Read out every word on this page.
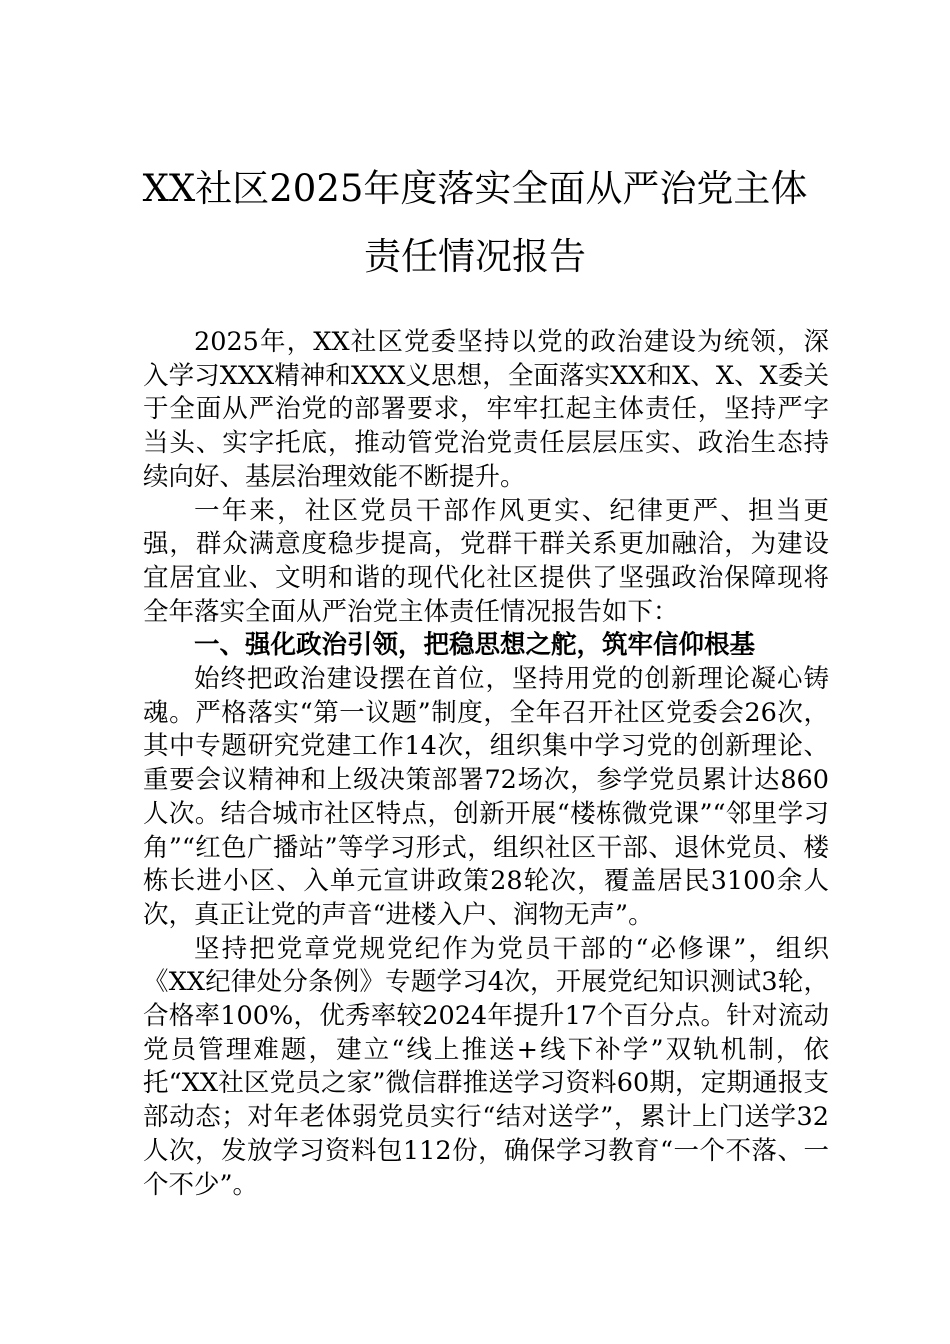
XX社区2025年度落实全面从严治党主体
责任情况报告

2025年，XX社区党委坚持以党的政治建设为统领，深入学习XXX精神和XXX义思想，全面落实XX和X、X、X委关于全面从严治党的部署要求，牢牢扛起主体责任，坚持严字当头、实字托底，推动管党治党责任层层压实、政治生态持续向好、基层治理效能不断提升。

一年来，社区党员干部作风更实、纪律更严、担当更强，群众满意度稳步提高，党群干群关系更加融洽，为建设宜居宜业、文明和谐的现代化社区提供了坚强政治保障现将全年落实全面从严治党主体责任情况报告如下：

一、强化政治引领，把稳思想之舵，筑牢信仰根基

始终把政治建设摆在首位，坚持用党的创新理论凝心铸魂。严格落实“第一议题”制度，全年召开社区党委会26次，其中专题研究党建工作14次，组织集中学习党的创新理论、重要会议精神和上级决策部署72场次，参学党员累计达860人次。结合城市社区特点，创新开展“楼栋微党课”“邻里学习角”“红色广播站”等学习形式，组织社区干部、退休党员、楼栋长进小区、入单元宣讲政策28轮次，覆盖居民3100余人次，真正让党的声音“进楼入户、润物无声”。

坚持把党章党规党纪作为党员干部的“必修课”，组织《XX纪律处分条例》专题学习4次，开展党纪知识测试3轮，合格率100%，优秀率较2024年提升17个百分点。针对流动党员管理难题，建立“线上推送+线下补学”双轨机制，依托“XX社区党员之家”微信群推送学习资料60期，定期通报支部动态；对年老体弱党员实行“结对送学”，累计上门送学32人次，发放学习资料包112份，确保学习教育“一个不落、一个不少”。
